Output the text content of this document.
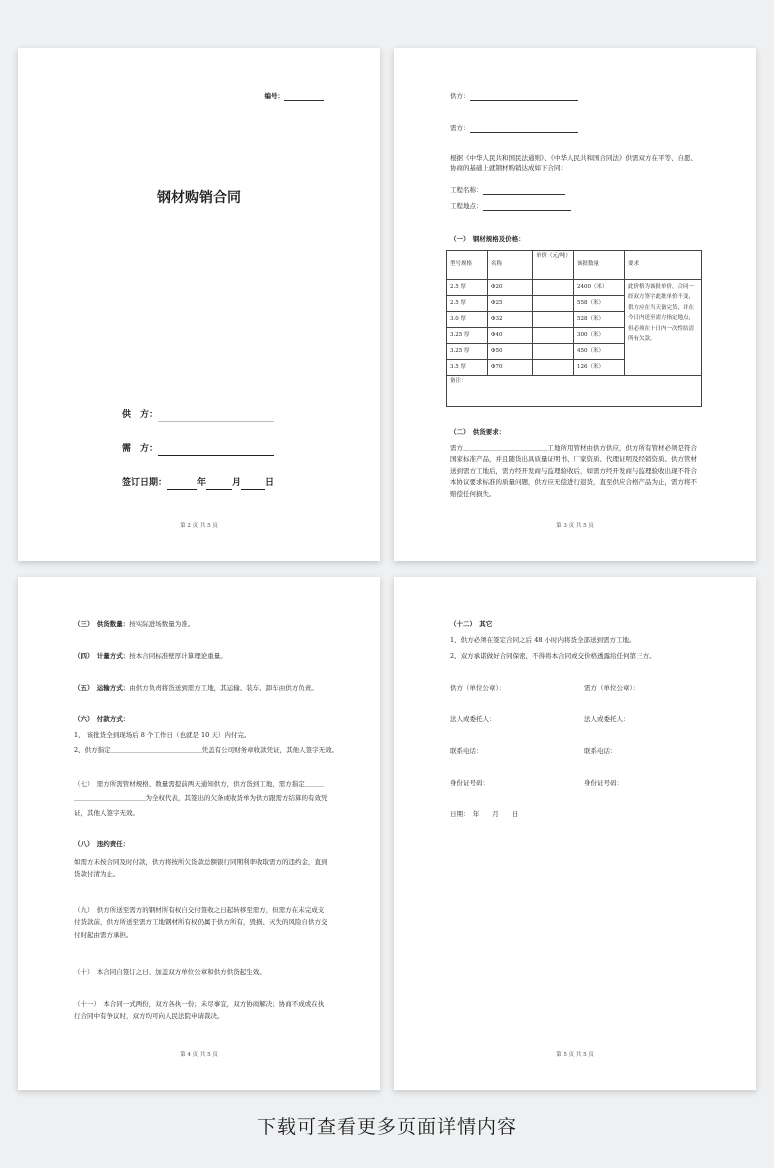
编号：
钢材购销合同
供　方：
需　方：
签订日期：	年	月	日
第 2 页 共 5 页
供方：
需方：
根据《中华人民共和国民法通则》、《中华人民共和国合同法》供需双方在平等、自愿、协商的基础上就钢材购销达成如下合同：
工程名称：
工程地点：
（一）　钢材规格及价格：
型号规格	名称	单价（元/吨）	该批数量	要求
2.5 厚	Φ20		2400（米）	此价格为该批单价，合同一经双方签字此批单价不变，供方应在当天备完货，并在今日内送至需方指定地点，但必须在十日内一次性结清所有欠款。
2.5 厚	Φ25		558（米）	
3.0 厚	Φ32		528（米）	
3.25 厚	Φ40		300（米）	
3.25 厚	Φ50		450（米）	
3.5 厚	Φ70		126（米）	
备注：				
（二）　供货要求：
需方＿＿＿＿＿＿＿＿＿＿＿＿＿工地所用管材由供方供应，供方所有管材必须是符合国家标准产品，并且随货出具质量证明书、厂家资质、代理证明及经销资质。供方管材送到需方工地后，需方经开发商与监理验收后，如需方经开发商与监理验收出现不符合本协议要求标准的质量问题，供方应无偿进行退货，直至供应合格产品为止，需方将不赔偿任何损失。
第 3 页 共 5 页
（三）　供货数量：按实际进场数量为准。
（四）　计量方式：按本合同标准壁厚计算理论重量。
（五）　运输方式：由供方负责将货送到需方工地，其运输、装车、卸车由供方负责。
（六）　付款方式：
1、 该批货全到现场后 8 个工作日（也就是 10 天）内付完。
2、供方指定＿＿＿＿＿＿＿＿＿＿＿＿＿＿凭盖有公司财务章收款凭证，其他人签字无效。
（七）　需方所需管材规格、数量需提前两天通知供方，供方货到工地，需方指定＿＿＿＿＿＿＿＿＿＿＿＿＿＿为全权代表，其签出的欠条或收货单为供方跟需方结算的有效凭证，其他人签字无效。
（八）　违约责任：
如需方未按合同及时付款，供方将按所欠货款总额银行同期利率收取需方的违约金，直到货款付清为止。
（九）　供方所送至需方的钢材所有权自交付签收之日起转移至需方，但需方在未完成支付货款前，供方所送至需方工地钢材所有权仍属于供方所有，毁损、灭失的风险自供方交付时起由需方承担。
（十）　本合同自签订之日、加盖双方单位公章和供方供货起生效。
（十一）　本合同一式两份，双方各执一份；未尽事宜，双方协商解决；协商不成或在执行合同中有争议时，双方均可向人民法院申请裁决。
第 4 页 共 5 页
（十二）　其它
1、供方必须在签定合同之后 48 小时内将货全部送到需方工地。
2、双方承诺做好合同保密，不得将本合同或交价格透露给任何第三方。
供方（单位公章）：	需方（单位公章）：
法人或委托人：	法人或委托人：
联系电话：	联系电话：
身份证号码：	身份证号码：
日期：　年　　月　　日
第 5 页 共 5 页
下载可查看更多页面详情内容
